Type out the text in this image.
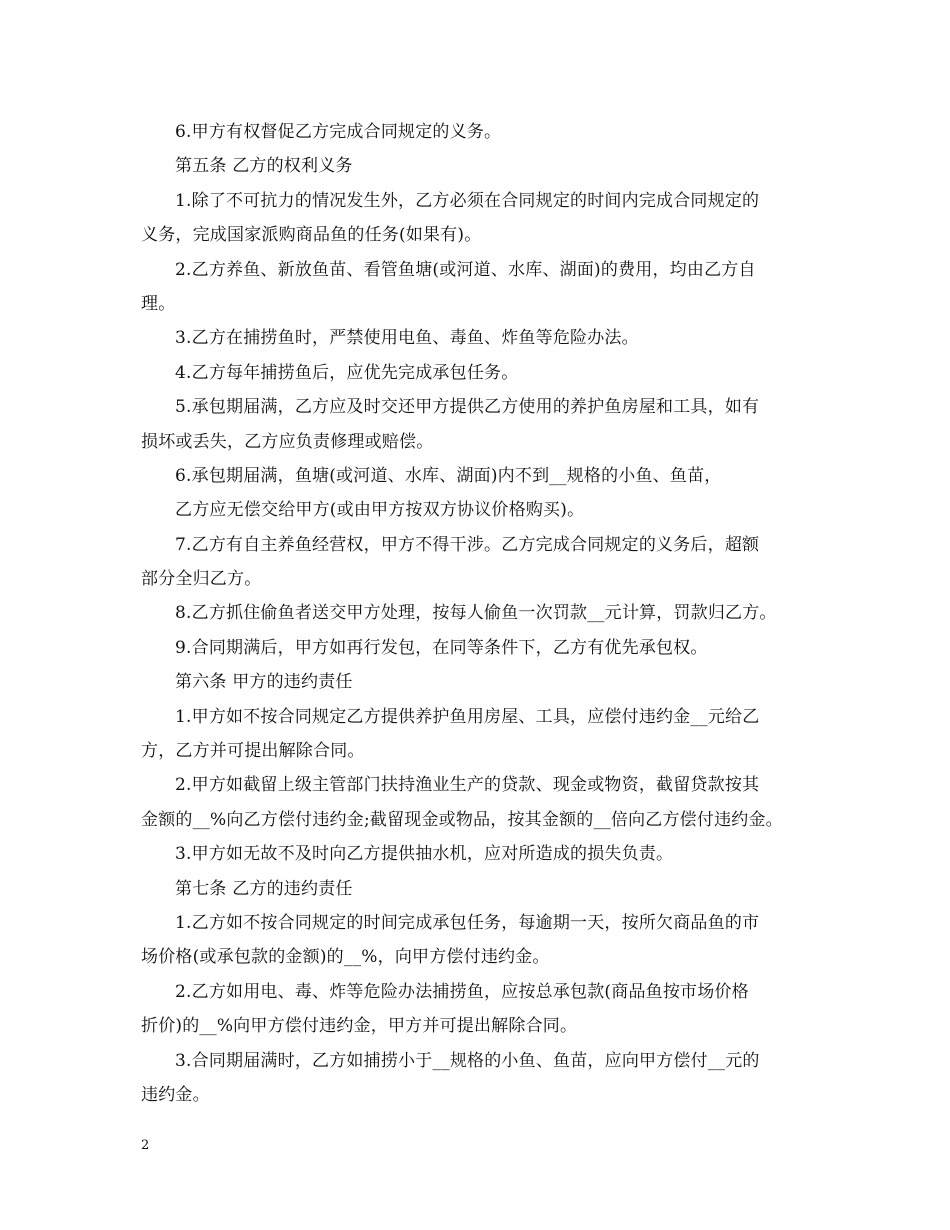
6.甲方有权督促乙方完成合同规定的义务。
第五条 乙方的权利义务
1.除了不可抗力的情况发生外，乙方必须在合同规定的时间内完成合同规定的
义务，完成国家派购商品鱼的任务(如果有)。
2.乙方养鱼、新放鱼苗、看管鱼塘(或河道、水库、湖面)的费用，均由乙方自
理。
3.乙方在捕捞鱼时，严禁使用电鱼、毒鱼、炸鱼等危险办法。
4.乙方每年捕捞鱼后，应优先完成承包任务。
5.承包期届满，乙方应及时交还甲方提供乙方使用的养护鱼房屋和工具，如有
损坏或丢失，乙方应负责修理或赔偿。
6.承包期届满，鱼塘(或河道、水库、湖面)内不到__规格的小鱼、鱼苗，
乙方应无偿交给甲方(或由甲方按双方协议价格购买)。
7.乙方有自主养鱼经营权，甲方不得干涉。乙方完成合同规定的义务后，超额
部分全归乙方。
8.乙方抓住偷鱼者送交甲方处理，按每人偷鱼一次罚款__元计算，罚款归乙方。
9.合同期满后，甲方如再行发包，在同等条件下，乙方有优先承包权。
第六条 甲方的违约责任
1.甲方如不按合同规定乙方提供养护鱼用房屋、工具，应偿付违约金__元给乙
方，乙方并可提出解除合同。
2.甲方如截留上级主管部门扶持渔业生产的贷款、现金或物资，截留贷款按其
金额的__%向乙方偿付违约金;截留现金或物品，按其金额的__倍向乙方偿付违约金。
3.甲方如无故不及时向乙方提供抽水机，应对所造成的损失负责。
第七条 乙方的违约责任
1.乙方如不按合同规定的时间完成承包任务，每逾期一天，按所欠商品鱼的市
场价格(或承包款的金额)的__%，向甲方偿付违约金。
2.乙方如用电、毒、炸等危险办法捕捞鱼，应按总承包款(商品鱼按市场价格
折价)的__%向甲方偿付违约金，甲方并可提出解除合同。
3.合同期届满时，乙方如捕捞小于__规格的小鱼、鱼苗，应向甲方偿付__元的
违约金。
2
